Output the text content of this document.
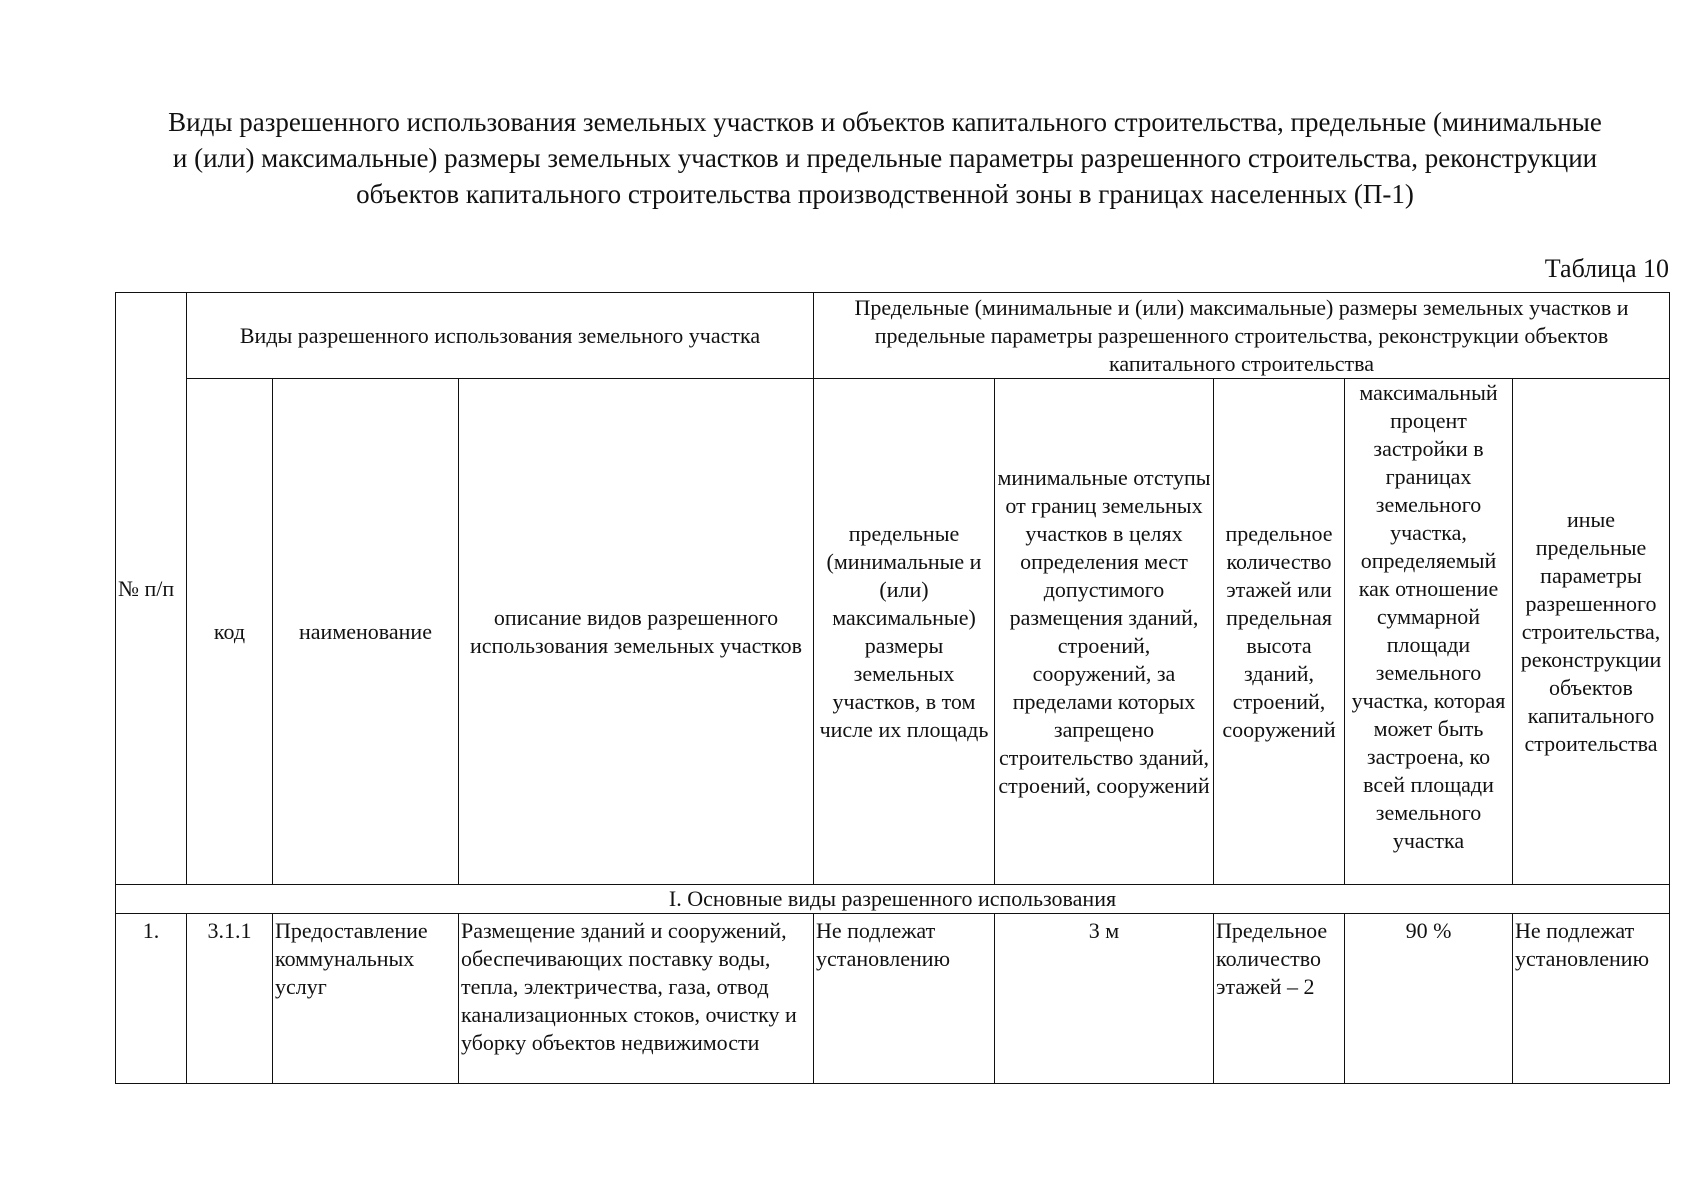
Виды разрешенного использования земельных участков и объектов капитального строительства, предельные (минимальные
и (или) максимальные) размеры земельных участков и предельные параметры разрешенного строительства, реконструкции
объектов капитального строительства производственной зоны в границах населенных (П-1)
Таблица 10
№ п/п	Виды разрешенного использования земельного участка			Предельные (минимальные и (или) максимальные) размеры земельных участков и предельные параметры разрешенного строительства, реконструкции объектов капитального строительства				
	код	наименование	описание видов разрешенного использования земельных участков	предельные (минимальные и (или) максимальные) размеры земельных участков, в том числе их площадь	минимальные отступы от границ земельных участков в целях определения мест допустимого размещения зданий, строений, сооружений, за пределами которых запрещено строительство зданий, строений, сооружений	предельное количество этажей или предельная высота зданий, строений, сооружений	максимальный процент застройки в границах земельного участка, определяемый как отношение суммарной площади земельного участка, которая может быть застроена, ко всей площади земельного участка	иные предельные параметры разрешенного строительства, реконструкции объектов капитального строительства
I. Основные виды разрешенного использования								
1.	3.1.1	Предоставление коммунальных услуг	Размещение зданий и сооружений, обеспечивающих поставку воды, тепла, электричества, газа, отвод канализационных стоков, очистку и уборку объектов недвижимости	Не подлежат установлению	3 м	Предельное количество этажей – 2	90 %	Не подлежат установлению
